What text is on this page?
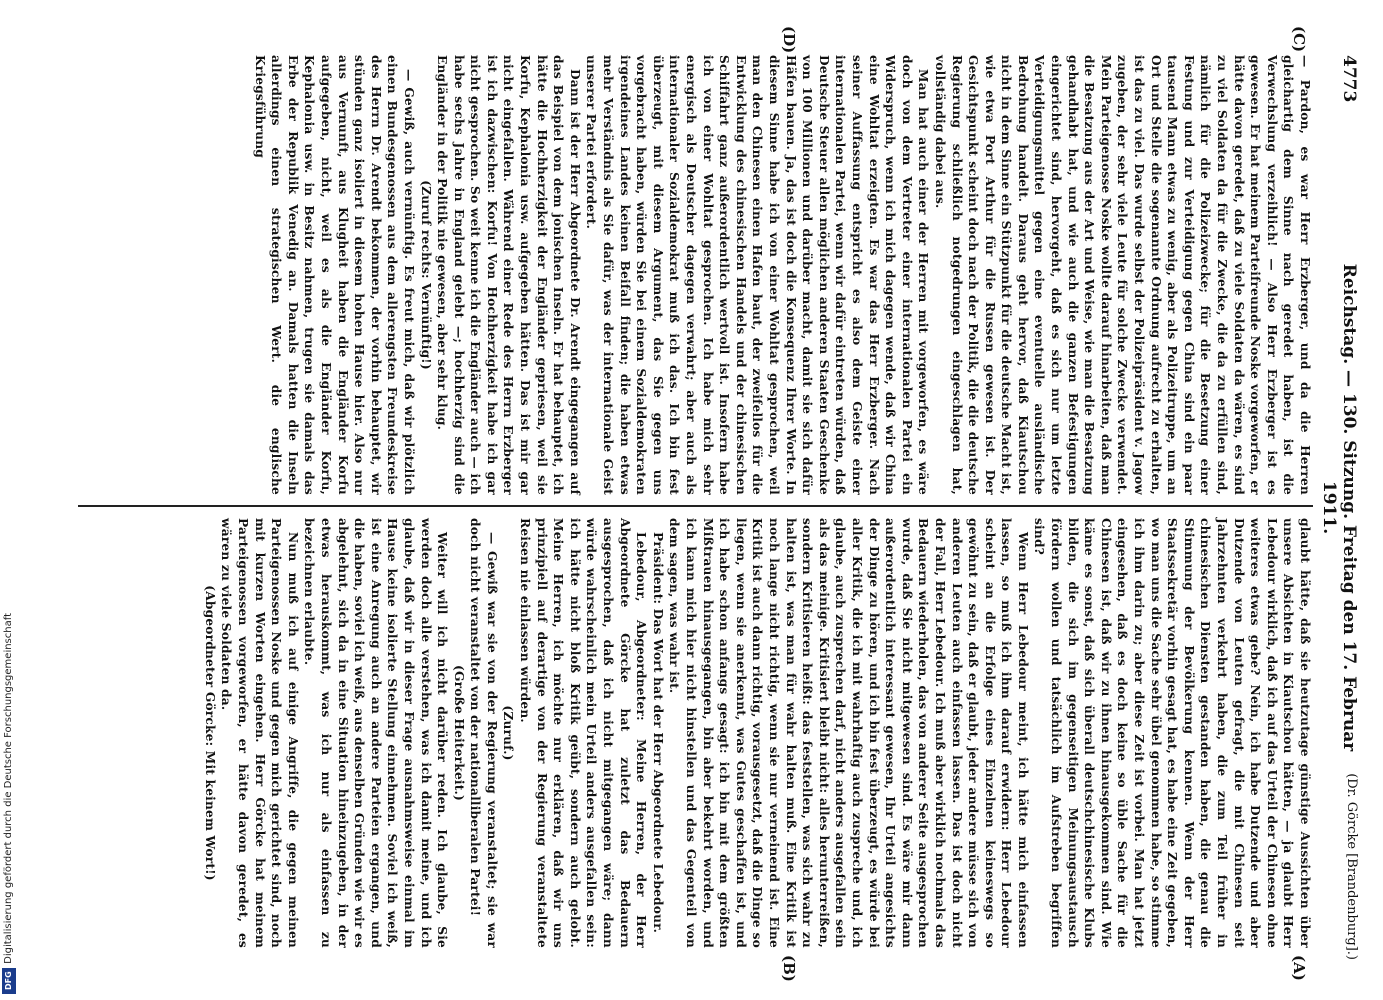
4773
Reichstag. — 130. Sitzung. Freitag den 17. Februar 1911.
(Dr. Görcke [Brandenburg].)
(C)
(D)
(A)
(B)

— Pardon, es war Herr Erzberger, und da die Herren gleichartig dem Sinne nach geredet haben, ist die Verwechslung verzeihlich! — Also Herr Erzberger ist es gewesen. Er hat meinem Parteifreunde Noske vorgeworfen, er hätte davon geredet, daß zu viele Soldaten da wären, es sind zu viel Soldaten da für die Zwecke, die da zu erfüllen sind, nämlich für die Polizeizwecke; für die Besetzung einer Festung und zur Verteidigung gegen China sind ein paar tausend Mann etwas zu wenig, aber als Polizeitruppe, um an Ort und Stelle die sogenannte Ordnung aufrecht zu erhalten, ist das zu viel. Das wurde selbst der Polizeipräsident v. Jagow zugeben, der sehr viele Leute für solche Zwecke verwendet. Mein Parteigenosse Noske wollte darauf hinarbeiten, daß man die Besatzung aus der Art und Weise, wie man die Besatzung gehandhabt hat, und wie auch die ganzen Befestigungen eingerichtet sind, hervorgeht, daß es sich nur um letzte Verteidigungsmittel gegen eine eventuelle ausländische Bedrohung handelt. Daraus geht hervor, daß Kiautschou nicht in dem Sinne ein Stützpunkt für die deutsche Macht ist, wie etwa Port Arthur für die Russen gewesen ist. Der Gesichtspunkt scheint doch nach der Politik, die die deutsche Regierung schließlich notgedrungen eingeschlagen hat, vollständig dabei aus.

Man hat auch einer der Herren mit vorgeworfen, es wäre doch von dem Vertreter einer internationalen Partei ein Widerspruch, wenn ich mich dagegen wende, daß wir China eine Wohltat erzeigten. Es war das Herr Erzberger. Nach seiner Auffassung entspricht es also dem Geiste einer internationalen Partei, wenn wir dafür eintreten würden, daß Deutsche Steuer allen möglichen anderen Staaten Geschenke von 100 Millionen und darüber macht, damit sie sich dafür Häfen bauen. Ja, das ist doch die Konsequenz Ihrer Worte. In diesem Sinne habe ich von einer Wohltat gesprochen, weil man den Chinesen einen Hafen baut, der zweifellos für die Entwicklung des chinesischen Handels und der chinesischen Schiffahrt ganz außerordentlich wertvoll ist. Insofern habe ich von einer Wohltat gesprochen. Ich habe mich sehr energisch als Deutscher dagegen verwahrt; aber auch als internationaler Sozialdemokrat muß ich das. Ich bin fest überzeugt, mit diesem Argument, das Sie gegen uns vorgebracht haben, würden Sie bei einem Sozialdemokraten irgendeines Landes keinen Beifall finden; die haben etwas mehr Verständnis als Sie dafür, was der internationale Geist unserer Partei erfordert.

Dann ist der Herr Abgeordnete Dr. Arendt eingegangen auf das Beispiel von dem jonischen Inseln. Er hat behauptet, ich hätte die Hochherzigkeit der Engländer gepriesen, weil sie Korfu, Kephalonia usw. aufgegeben hätten. Das ist mir gar nicht eingefallen. Während einer Rede des Herrn Erzberger ist ich dazwischen: Korfu! Von Hochherzigkeit habe ich gar nicht gesprochen. So weit kenne ich die Engländer auch — ich habe sechs Jahre in England gelebt —; hochherzig sind die Engländer in der Politik nie gewesen, aber sehr klug.

(Zuruf rechts: Vernünftig!)

— Gewiß, auch vernünftig. Es freut mich, daß wir plötzlich einen Bundesgenossen aus dem allerengsten Freundeskreise des Herrn Dr. Arendt bekommen, der vorhin behauptet, wir stünden ganz isoliert in diesem hohen Hause hier. Also nur aus Vernunft, aus Klugheit haben die Engländer Korfu aufgegeben, nicht, weil es als die Engländer Korfu, Kephalonia usw. in Besitz nahmen, trugen sie damals das Erbe der Republik Venedig an. Damals hatten die Inseln allerdings einen strategischen Wert. die englische Kriegsführung

glaubt hätte, daß sie heutzutage günstige Aussichten über unsere Absichten in Kiautschou hätten, — ja glaubt Herr Lebedour wirklich, daß ich auf das Urteil der Chinesen ohne weiteres etwas gebe? Nein, ich habe Dutzende und aber Dutzende von Leuten gefragt, die mit Chinesen seit Jahrzehnten verkehrt haben, die zum Teil früher in chinesischen Diensten gestanden haben, die genau die Stimmung der Bevölkerung kennen. Wenn der Herr Staatssekretär vorhin gesagt hat, es habe eine Zeit gegeben, wo man uns die Sache sehr übel genommen habe, so stimme ich ihm darin zu; aber diese Zeit ist vorbei. Man hat jetzt eingesehen, daß es doch keine so üble Sache für die Chinesen ist, daß wir zu ihnen hinausgekommen sind. Wie käme es sonst, daß sich überall deutschchinesische Klubs bilden, die sich im gegenseitigen Meinungsaustausch fördern wollen und tatsächlich im Aufstreben begriffen sind?

Wenn Herr Lebedour meint, ich hätte mich einfassen lassen, so muß ich ihm darauf erwidern: Herr Lebedour scheint an die Erfolge eines Einzelnen keineswegs so gewöhnt zu sein, daß er glaubt, jeder andere müsse sich von anderen Leuten auch einfassen lassen. Das ist doch nicht der Fall, Herr Lebedour. Ich muß aber wirklich nochmals das Bedauern wiederholen, das von anderer Seite ausgesprochen wurde, daß Sie nicht mitgewesen sind. Es wäre mir dann außerordentlich interessant gewesen, Ihr Urteil angesichts der Dinge zu hören, und ich bin fest überzeugt, es würde bei aller Kritik, die ich mit wahrhaftig auch zuspreche und, ich glaube, auch zusprechen darf, nicht anders ausgefallen sein als das meinige. Kritisiert bleibt nicht: alles herunterreißen, sondern Kritisieren heißt: das feststellen, was sich wahr zu halten ist, was man für wahr halten muß. Eine Kritik ist noch lange nicht richtig, wenn sie nur verneinend ist. Eine Kritik ist auch dann richtig, vorausgesetzt, daß die Dinge so liegen, wenn sie anerkennt, was Gutes geschaffen ist, und ich habe schon anfangs gesagt: ich bin mit dem größten Mißtrauen hinausgegangen, bin aber bekehrt worden, und ich kann mich hier nicht hinstellen und das Gegenteil von dem sagen, was wahr ist.

Präsident: Das Wort hat der Herr Abgeordnete Lebedour.

Lebedour, Abgeordneter: Meine Herren, der Herr Abgeordnete Görcke hat zuletzt das Bedauern ausgesprochen, daß ich nicht mitgegangen wäre; dann würde wahrscheinlich mein Urteil anders ausgefallen sein: ich hätte nicht bloß Kritik geübt, sondern auch gelobt. Meine Herren, ich möchte nur erklären, daß wir uns prinzipiell auf derartige von der Regierung veranstaltete Reisen nie einlassen würden.

(Zuruf.)

— Gewiß war sie von der Regierung veranstaltet; sie war doch nicht veranstaltet von der nationalliberalen Partei!

(Große Heiterkeit.)

Weiter will ich nicht darüber reden. Ich glaube, Sie werden doch alle verstehen, was ich damit meine, und ich glaube, daß wir in dieser Frage ausnahmsweise einmal im Hause keine isolierte Stellung einnehmen. Soviel ich weiß, ist eine Anregung auch an andere Parteien ergangen, und die haben, soviel ich weiß, aus denselben Gründen wie wir es abgelehnt, sich da in eine Situation hineinzugeben, in der etwas herauskommt, was ich nur als einfassen zu bezeichnen erlaubte.

Nun muß ich auf einige Angriffe, die gegen meinen Parteigenossen Noske und gegen mich gerichtet sind, noch mit kurzen Worten eingehen. Herr Görcke hat meinem Parteigenossen vorgeworfen, er hätte davon geredet, es wären zu viele Soldaten da.

(Abgeordneter Görcke: Mit keinem Wort!)

Digitalisierung gefördert durch die Deutsche Forschungsgemeinschaft
DFG
